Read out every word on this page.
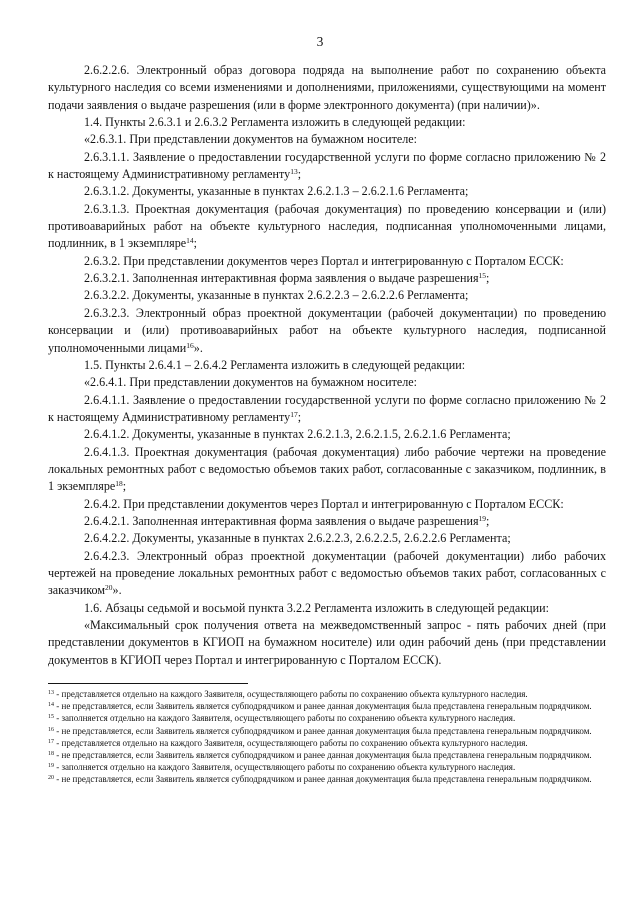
3

2.6.2.2.6. Электронный образ договора подряда на выполнение работ по сохранению объекта культурного наследия со всеми изменениями и дополнениями, приложениями, существующими на момент подачи заявления о выдаче разрешения (или в форме электронного документа) (при наличии)».

1.4. Пункты 2.6.3.1 и 2.6.3.2 Регламента изложить в следующей редакции:

«2.6.3.1. При представлении документов на бумажном носителе:

2.6.3.1.1. Заявление о предоставлении государственной услуги по форме согласно приложению № 2 к настоящему Административному регламенту$^{13}$;

2.6.3.1.2. Документы, указанные в пунктах 2.6.2.1.3 – 2.6.2.1.6 Регламента;

2.6.3.1.3. Проектная документация (рабочая документация) по проведению консервации и (или) противоаварийных работ на объекте культурного наследия, подписанная уполномоченными лицами, подлинник, в 1 экземпляре$^{14}$;

2.6.3.2. При представлении документов через Портал и интегрированную с Порталом ЕССК:

2.6.3.2.1. Заполненная интерактивная форма заявления о выдаче разрешения$^{15}$;

2.6.3.2.2. Документы, указанные в пунктах 2.6.2.2.3 – 2.6.2.2.6 Регламента;

2.6.3.2.3. Электронный образ проектной документации (рабочей документации) по проведению консервации и (или) противоаварийных работ на объекте культурного наследия, подписанной уполномоченными лицами$^{16}$».

1.5. Пункты 2.6.4.1 – 2.6.4.2 Регламента изложить в следующей редакции:

«2.6.4.1. При представлении документов на бумажном носителе:

2.6.4.1.1. Заявление о предоставлении государственной услуги по форме согласно приложению № 2 к настоящему Административному регламенту$^{17}$;

2.6.4.1.2. Документы, указанные в пунктах 2.6.2.1.3, 2.6.2.1.5, 2.6.2.1.6 Регламента;

2.6.4.1.3. Проектная документация (рабочая документация) либо рабочие чертежи на проведение локальных ремонтных работ с ведомостью объемов таких работ, согласованные с заказчиком, подлинник, в 1 экземпляре$^{18}$;

2.6.4.2. При представлении документов через Портал и интегрированную с Порталом ЕССК:

2.6.4.2.1. Заполненная интерактивная форма заявления о выдаче разрешения$^{19}$;

2.6.4.2.2. Документы, указанные в пунктах 2.6.2.2.3, 2.6.2.2.5, 2.6.2.2.6 Регламента;

2.6.4.2.3. Электронный образ проектной документации (рабочей документации) либо рабочих чертежей на проведение локальных ремонтных работ с ведомостью объемов таких работ, согласованных с заказчиком$^{20}$».

1.6. Абзацы седьмой и восьмой пункта 3.2.2 Регламента изложить в следующей редакции:

«Максимальный срок получения ответа на межведомственный запрос - пять рабочих дней (при представлении документов в КГИОП на бумажном носителе) или один рабочий день (при представлении документов в КГИОП через Портал и интегрированную с Порталом ЕССК).

$^{13}$ - представляется отдельно на каждого Заявителя, осуществляющего работы по сохранению объекта культурного наследия.

$^{14}$ - не представляется, если Заявитель является субподрядчиком и ранее данная документация была представлена генеральным подрядчиком.

$^{15}$ - заполняется отдельно на каждого Заявителя, осуществляющего работы по сохранению объекта культурного наследия.

$^{16}$ - не представляется, если Заявитель является субподрядчиком и ранее данная документация была представлена генеральным подрядчиком.

$^{17}$ - представляется отдельно на каждого Заявителя, осуществляющего работы по сохранению объекта культурного наследия.

$^{18}$ - не представляется, если Заявитель является субподрядчиком и ранее данная документация была представлена генеральным подрядчиком.

$^{19}$ - заполняется отдельно на каждого Заявителя, осуществляющего работы по сохранению объекта культурного наследия.

$^{20}$ - не представляется, если Заявитель является субподрядчиком и ранее данная документация была представлена генеральным подрядчиком.
